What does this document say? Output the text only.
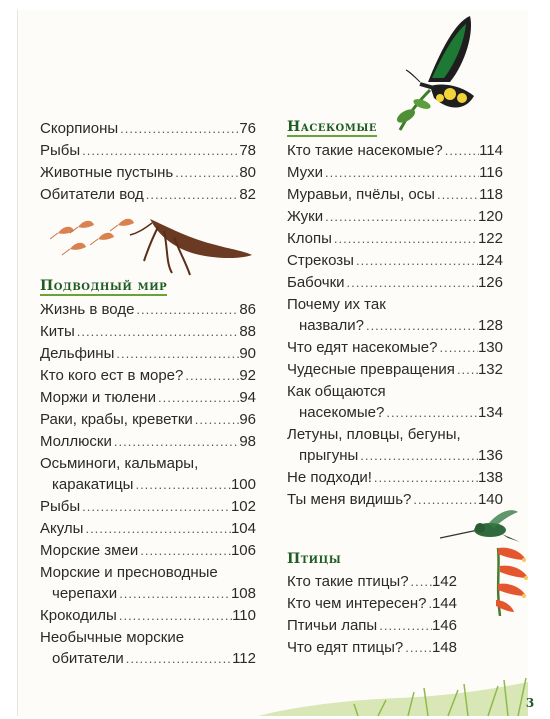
Скорпионы .....	76
Рыбы .....	78
Животные пустынь .....	80
Обитатели вод .....	82
Подводный мир
Жизнь в воде .....	86
Киты .....	88
Дельфины .....	90
Кто кого ест в море? .....	92
Моржи и тюлени .....	94
Раки, крабы, креветки .....	96
Моллюски .....	98
Осьминоги, кальмары,
каракатицы .....	100
Рыбы .....	102
Акулы .....	104
Морские змеи .....	106
Морские и пресноводные
черепахи .....	108
Крокодилы .....	110
Необычные морские
обитатели .....	112
Насекомые
Кто такие насекомые? ..... 114
Мухи .....	116
Муравьи, пчёлы, осы .....	118
Жуки .....	120
Клопы .....	122
Стрекозы .....	124
Бабочки .....	126
Почему их так
назвали? .....	128
Что едят насекомые? .....	130
Чудесные превращения ..... 132
Как общаются
насекомые? .....	134
Летуны, пловцы, бегуны,
прыгуны .....	136
Не подходи! .....	138
Ты меня видишь? .....	140
Птицы
Кто такие птицы? ..... 142
Кто чем интересен? ..... 144
Птичьи лапы .....	146
Что едят птицы? ..... 148
3
